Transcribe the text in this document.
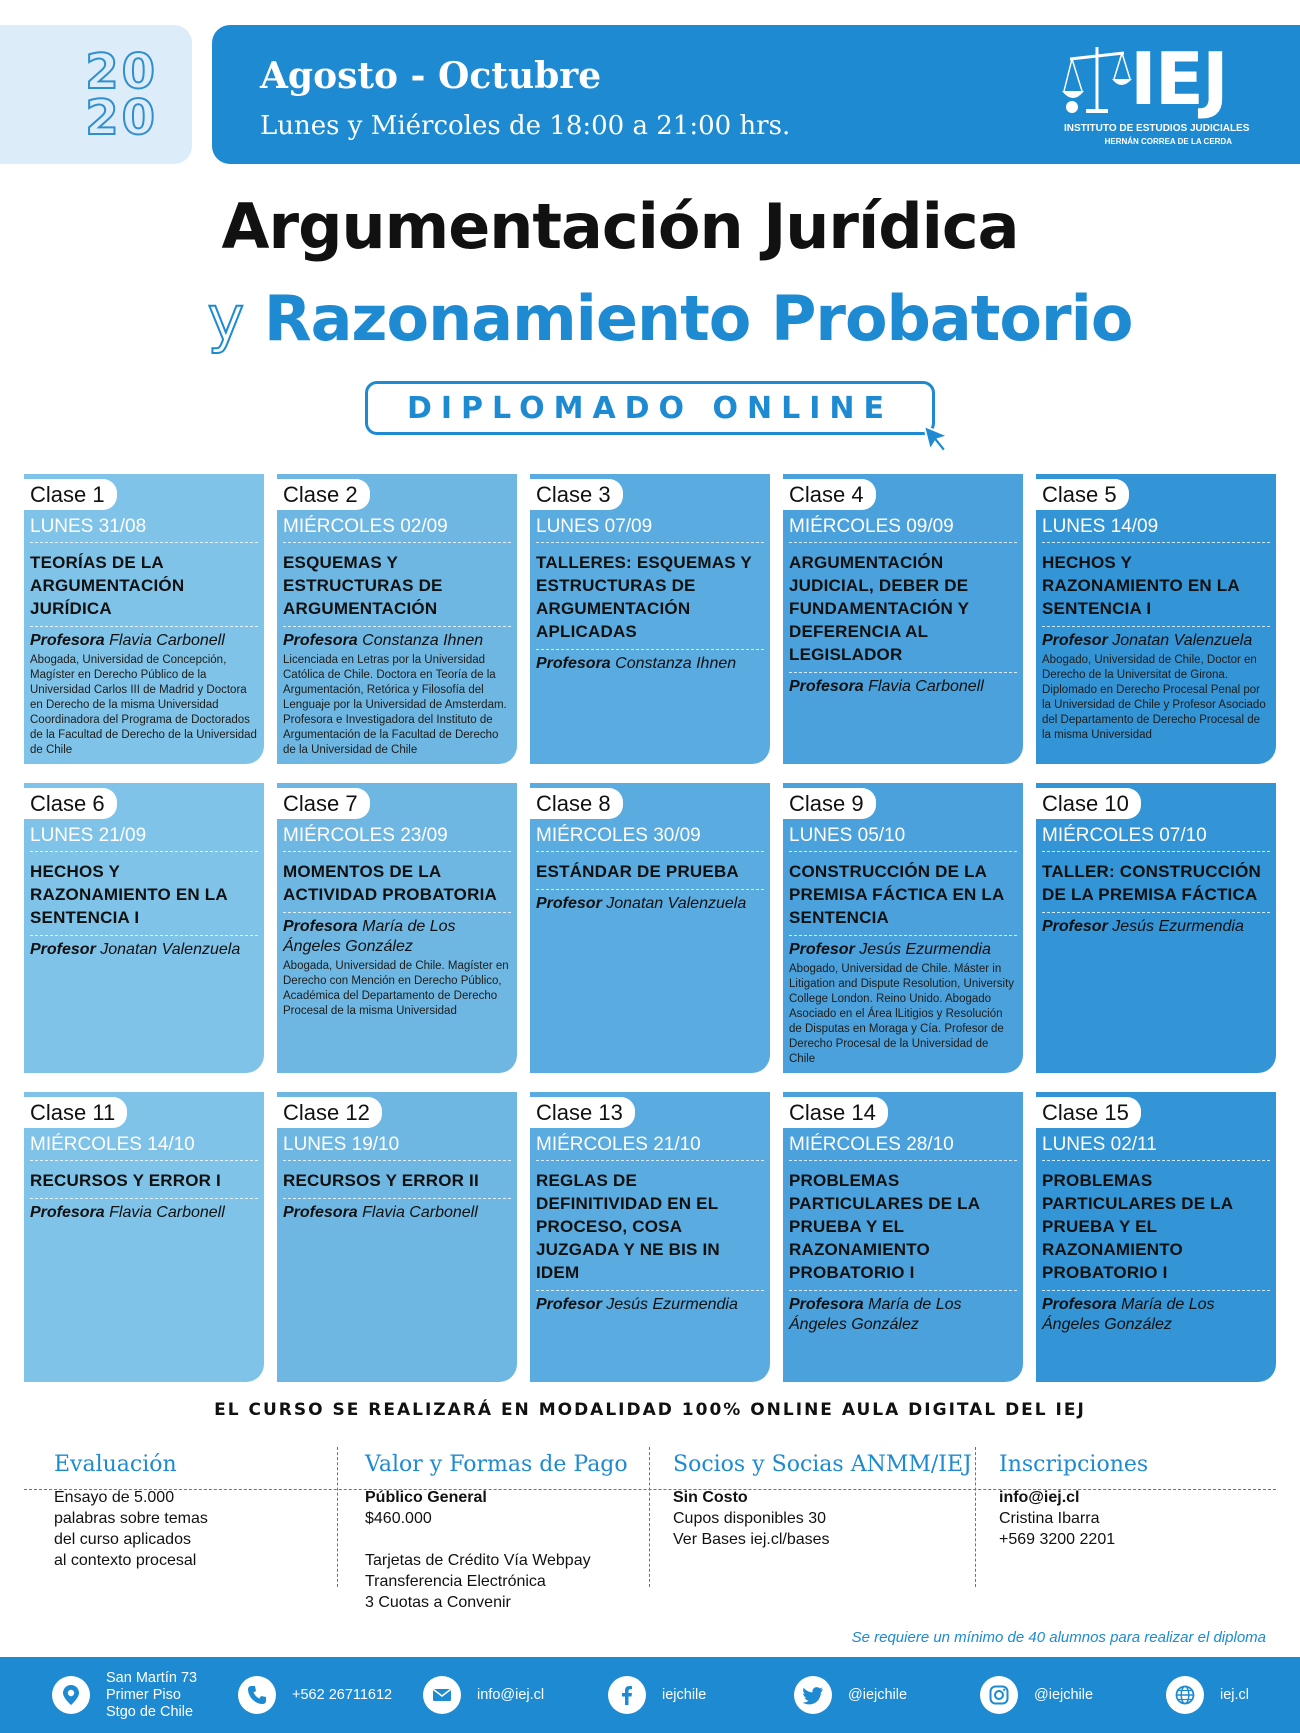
20
20
Agosto - Octubre
Lunes y Miércoles de 18:00 a 21:00 hrs.
IEJ
INSTITUTO DE ESTUDIOS JUDICIALES
HERNÁN CORREA DE LA CERDA
Argumentación Jurídica
y Razonamiento Probatorio
DIPLOMADO ONLINE
Clase 1
LUNES 31/08
TEORÍAS DE LA ARGUMENTACIÓN JURÍDICA
Profesora Flavia Carbonell
Abogada, Universidad de Concepción, Magíster en Derecho Público de la Universidad Carlos III de Madrid y Doctora en Derecho de la misma Universidad Coordinadora del Programa de Doctorados de la Facultad de Derecho de la Universidad de Chile
Clase 2
MIÉRCOLES 02/09
ESQUEMAS Y ESTRUCTURAS DE ARGUMENTACIÓN
Profesora Constanza Ihnen
Licenciada en Letras por la Universidad Católica de Chile. Doctora en Teoría de la Argumentación, Retórica y Filosofía del Lenguaje por la Universidad de Amsterdam. Profesora e Investigadora del Instituto de Argumentación de la Facultad de Derecho de la Universidad de Chile
Clase 3
LUNES 07/09
TALLERES: ESQUEMAS Y ESTRUCTURAS DE ARGUMENTACIÓN APLICADAS
Profesora Constanza Ihnen
Clase 4
MIÉRCOLES 09/09
ARGUMENTACIÓN JUDICIAL, DEBER DE FUNDAMENTACIÓN Y DEFERENCIA AL LEGISLADOR
Profesora Flavia Carbonell
Clase 5
LUNES 14/09
HECHOS Y RAZONAMIENTO EN LA SENTENCIA I
Profesor Jonatan Valenzuela
Abogado, Universidad de Chile, Doctor en Derecho de la Universitat de Girona. Diplomado en Derecho Procesal Penal por la Universidad de Chile y Profesor Asociado del Departamento de Derecho Procesal de la misma Universidad
Clase 6
LUNES 21/09
HECHOS Y RAZONAMIENTO EN LA SENTENCIA I
Profesor Jonatan Valenzuela
Clase 7
MIÉRCOLES 23/09
MOMENTOS DE LA ACTIVIDAD PROBATORIA
Profesora María de Los Ángeles González
Abogada, Universidad de Chile. Magíster en Derecho con Mención en Derecho Público, Académica del Departamento de Derecho Procesal de la misma Universidad
Clase 8
MIÉRCOLES 30/09
ESTÁNDAR DE PRUEBA
Profesor Jonatan Valenzuela
Clase 9
LUNES 05/10
CONSTRUCCIÓN DE LA PREMISA FÁCTICA EN LA SENTENCIA
Profesor Jesús Ezurmendia
Abogado, Universidad de Chile. Máster in Litigation and Dispute Resolution, University College London. Reino Unido. Abogado Asociado en el Área lLitigios y Resolución de Disputas en Moraga y Cía. Profesor de Derecho Procesal de la Universidad de Chile
Clase 10
MIÉRCOLES 07/10
TALLER: CONSTRUCCIÓN DE LA PREMISA FÁCTICA
Profesor Jesús Ezurmendia
Clase 11
MIÉRCOLES 14/10
RECURSOS Y ERROR I
Profesora Flavia Carbonell
Clase 12
LUNES 19/10
RECURSOS Y ERROR II
Profesora Flavia Carbonell
Clase 13
MIÉRCOLES 21/10
REGLAS DE DEFINITIVIDAD EN EL PROCESO, COSA JUZGADA Y NE BIS IN IDEM
Profesor Jesús Ezurmendia
Clase 14
MIÉRCOLES 28/10
PROBLEMAS PARTICULARES DE LA PRUEBA Y EL RAZONAMIENTO PROBATORIO I
Profesora María de Los Ángeles González
Clase 15
LUNES 02/11
PROBLEMAS PARTICULARES DE LA PRUEBA Y EL RAZONAMIENTO PROBATORIO I
Profesora María de Los Ángeles González
EL CURSO SE REALIZARÁ EN MODALIDAD 100% ONLINE AULA DIGITAL DEL IEJ
Evaluación
Ensayo de 5.000
palabras sobre temas
del curso aplicados
al contexto procesal
Valor y Formas de Pago
Público General
$460.000
Tarjetas de Crédito Vía Webpay
Transferencia Electrónica
3 Cuotas a Convenir
Socios y Socias ANMM/IEJ
Sin Costo
Cupos disponibles 30
Ver Bases iej.cl/bases
Inscripciones
info@iej.cl
Cristina Ibarra
+569 3200 2201
Se requiere un mínimo de 40 alumnos para realizar el diploma
San Martín 73
Primer Piso
Stgo de Chile
+562 26711612	info@iej.cl	iejchile	@iejchile	@iejchile	iej.cl
